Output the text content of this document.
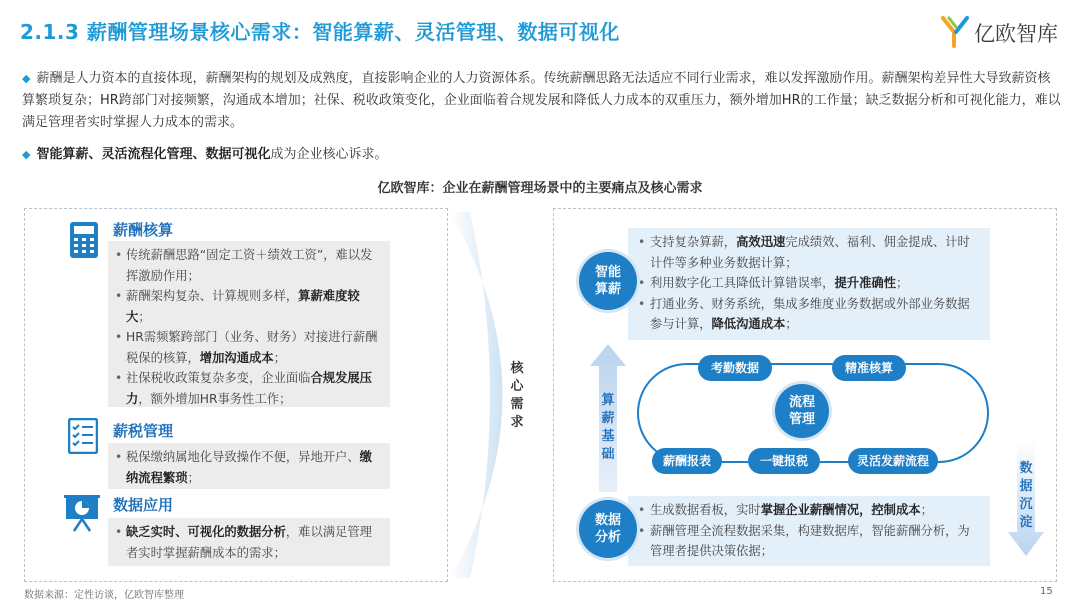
2.1.3 薪酬管理场景核心需求：智能算薪、灵活管理、数据可视化	亿欧智库
◆ 薪酬是人力资本的直接体现，薪酬架构的规划及成熟度，直接影响企业的人力资源体系。传统薪酬思路无法适应不同行业需求，难以发挥激励作用。薪酬架构差异性大导致薪资核算繁琐复杂；HR跨部门对接频繁，沟通成本增加；社保、税收政策变化，企业面临着合规发展和降低人力成本的双重压力，额外增加HR的工作量；缺乏数据分析和可视化能力，难以满足管理者实时掌握人力成本的需求。
◆ 智能算薪、灵活流程化管理、数据可视化成为企业核心诉求。
亿欧智库：企业在薪酬管理场景中的主要痛点及核心需求
核心需求
薪酬核算
• 传统薪酬思路“固定工资＋绩效工资”，难以发挥激励作用；
• 薪酬架构复杂、计算规则多样，算薪难度较大；
• HR需频繁跨部门（业务、财务）对接进行薪酬税保的核算，增加沟通成本；
• 社保税收政策复杂多变，企业面临合规发展压力，额外增加HR事务性工作；
薪税管理
• 税保缴纳属地化导致操作不便，异地开户、缴纳流程繁琐；
数据应用
• 缺乏实时、可视化的数据分析，难以满足管理者实时掌握薪酬成本的需求；
• 支持复杂算薪，高效迅速完成绩效、福利、佣金提成、计时计件等多种业务数据计算；
• 利用数字化工具降低计算错误率，提升准确性；
• 打通业务、财务系统，集成多维度业务数据或外部业务数据参与计算，降低沟通成本；
智能算薪
考勤数据	精准核算
灵活发薪流程
一键报税
薪酬报表
流程管理
算薪基础
数据沉淀
• 生成数据看板，实时掌握企业薪酬情况，控制成本；
• 薪酬管理全流程数据采集，构建数据库，智能薪酬分析，为管理者提供决策依据；
数据分析
数据来源：定性访谈，亿欧智库整理	15
